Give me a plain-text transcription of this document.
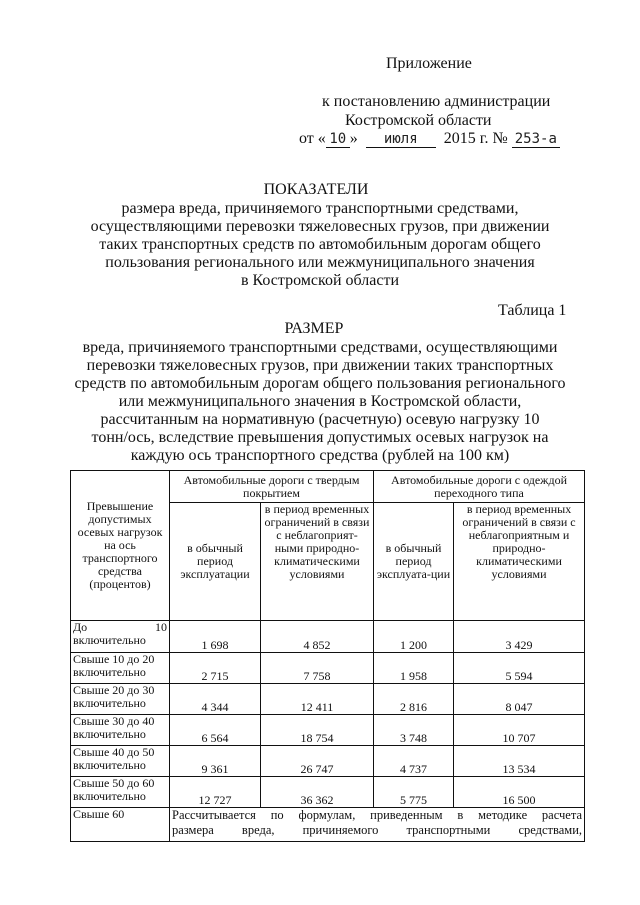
Приложение
к постановлению администрации
Костромской области
от « 10 » июля 2015 г. № 253-а
ПОКАЗАТЕЛИ
размера вреда, причиняемого транспортными средствами,
осуществляющими перевозки тяжеловесных грузов, при движении
таких транспортных средств по автомобильным дорогам общего
пользования регионального или межмуниципального значения
в Костромской области
Таблица 1
РАЗМЕР
вреда, причиняемого транспортными средствами, осуществляющими
перевозки тяжеловесных грузов, при движении таких транспортных
средств по автомобильным дорогам общего пользования регионального
или межмуниципального значения в Костромской области,
рассчитанным на нормативную (расчетную) осевую нагрузку 10
тонн/ось, вследствие превышения допустимых осевых нагрузок на
каждую ось транспортного средства (рублей на 100 км)
Превышение допустимых осевых нагрузок на ось транспортного средства (процентов)	Автомобильные дороги с твердым покрытием		Автомобильные дороги с одеждой переходного типа	
	в обычный период эксплуатации	в период временных ограничений в связи с неблагоприят-ными природно-климатическими условиями	в обычный период эксплуата-ции	в период временных ограничений в связи с неблагоприятным и природно-климатическими условиями

До 10
включительно	1 698	4 852	1 200	3 429

Свыше 10 до 20
включительно	2 715	7 758	1 958	5 594

Свыше 20 до 30
включительно	4 344	12 411	2 816	8 047

Свыше 30 до 40
включительно	6 564	18 754	3 748	10 707

Свыше 40 до 50
включительно	9 361	26 747	4 737	13 534

Свыше 50 до 60
включительно	12 727	36 362	5 775	16 500
Свыше 60	Рассчитывается по формулам, приведенным в методике расчета
размера вреда, причиняемого транспортными средствами,			
